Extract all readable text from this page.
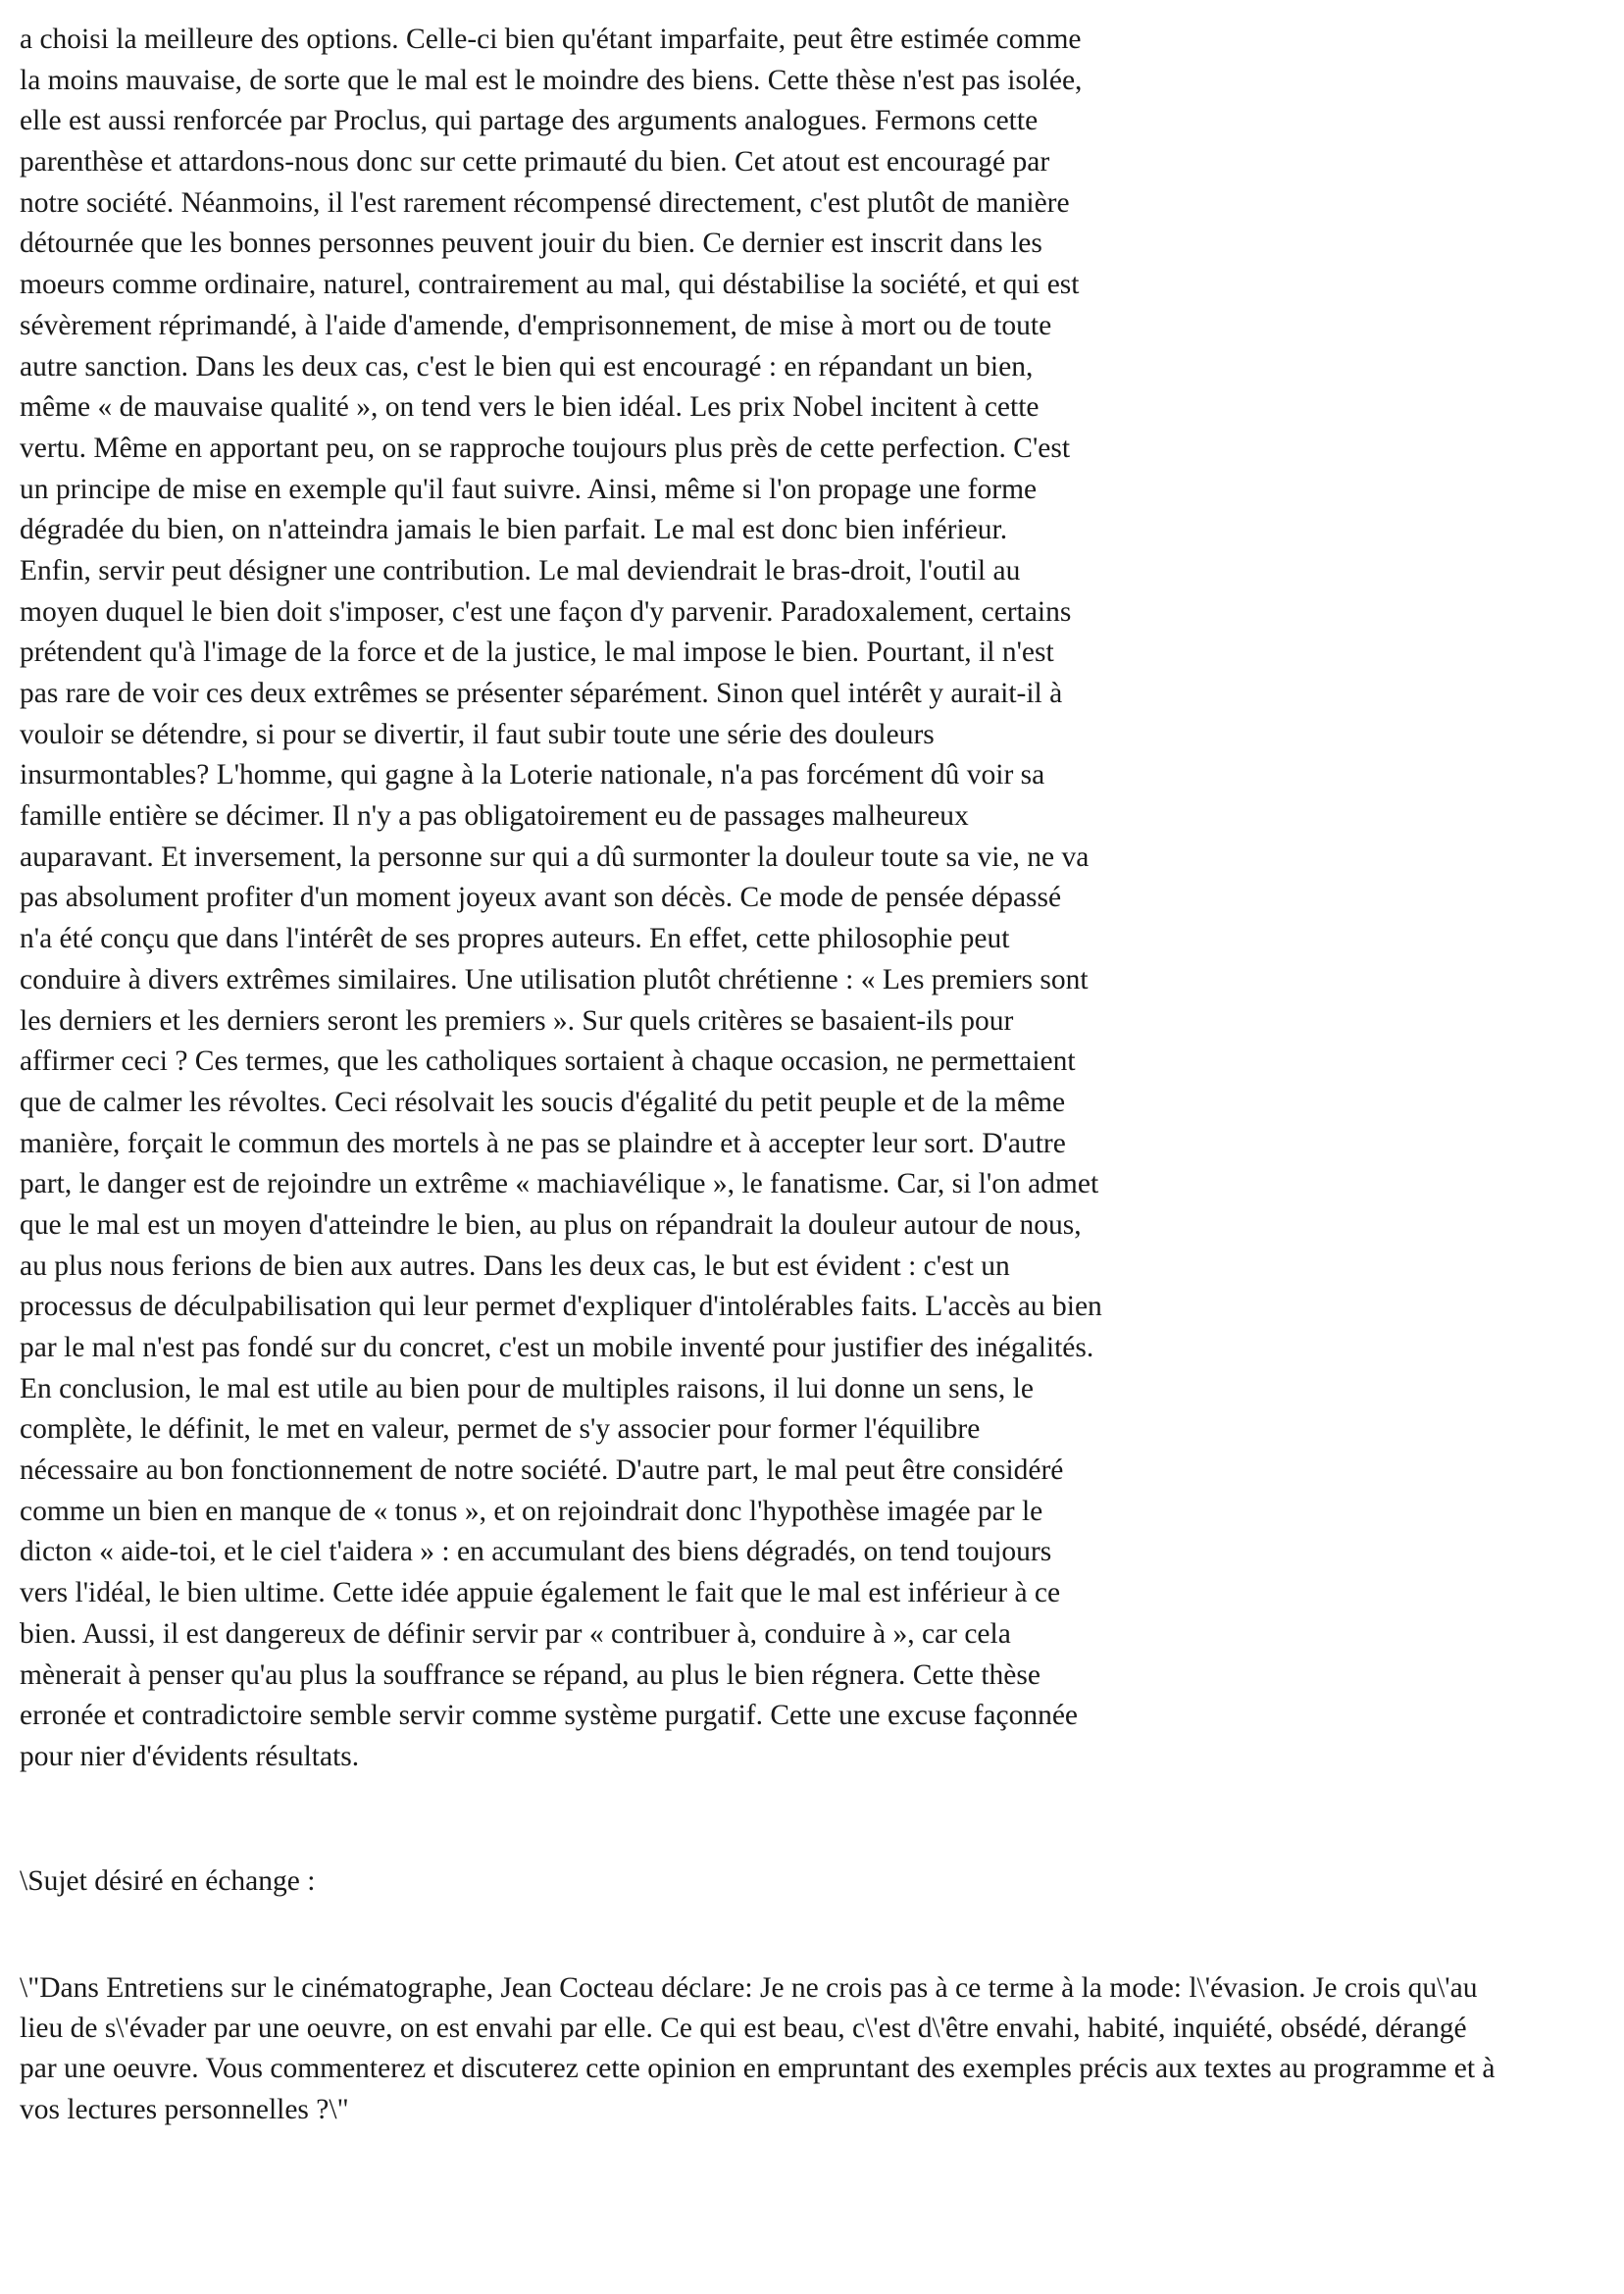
a choisi la meilleure des options. Celle-ci bien qu'étant imparfaite, peut être estimée comme
la moins mauvaise, de sorte que le mal est le moindre des biens. Cette thèse n'est pas isolée,
elle est aussi renforcée par Proclus, qui partage des arguments analogues. Fermons cette
parenthèse et attardons-nous donc sur cette primauté du bien. Cet atout est encouragé par
notre société. Néanmoins, il l'est rarement récompensé directement, c'est plutôt de manière
détournée que les bonnes personnes peuvent jouir du bien. Ce dernier est inscrit dans les
moeurs comme ordinaire, naturel, contrairement au mal, qui déstabilise la société, et qui est
sévèrement réprimandé, à l'aide d'amende, d'emprisonnement, de mise à mort ou de toute
autre sanction. Dans les deux cas, c'est le bien qui est encouragé : en répandant un bien,
même « de mauvaise qualité », on tend vers le bien idéal. Les prix Nobel incitent à cette
vertu. Même en apportant peu, on se rapproche toujours plus près de cette perfection. C'est
un principe de mise en exemple qu'il faut suivre. Ainsi, même si l'on propage une forme
dégradée du bien, on n'atteindra jamais le bien parfait. Le mal est donc bien inférieur.
Enfin, servir peut désigner une contribution. Le mal deviendrait le bras-droit, l'outil au
moyen duquel le bien doit s'imposer, c'est une façon d'y parvenir. Paradoxalement, certains
prétendent qu'à l'image de la force et de la justice, le mal impose le bien. Pourtant, il n'est
pas rare de voir ces deux extrêmes se présenter séparément. Sinon quel intérêt y aurait-il à
vouloir se détendre, si pour se divertir, il faut subir toute une série des douleurs
insurmontables? L'homme, qui gagne à la Loterie nationale, n'a pas forcément dû voir sa
famille entière se décimer. Il n'y a pas obligatoirement eu de passages malheureux
auparavant. Et inversement, la personne sur qui a dû surmonter la douleur toute sa vie, ne va
pas absolument profiter d'un moment joyeux avant son décès. Ce mode de pensée dépassé
n'a été conçu que dans l'intérêt de ses propres auteurs. En effet, cette philosophie peut
conduire à divers extrêmes similaires. Une utilisation plutôt chrétienne : « Les premiers sont
les derniers et les derniers seront les premiers ». Sur quels critères se basaient-ils pour
affirmer ceci ? Ces termes, que les catholiques sortaient à chaque occasion, ne permettaient
que de calmer les révoltes. Ceci résolvait les soucis d'égalité du petit peuple et de la même
manière, forçait le commun des mortels à ne pas se plaindre et à accepter leur sort. D'autre
part, le danger est de rejoindre un extrême « machiavélique », le fanatisme. Car, si l'on admet
que le mal est un moyen d'atteindre le bien, au plus on répandrait la douleur autour de nous,
au plus nous ferions de bien aux autres. Dans les deux cas, le but est évident : c'est un
processus de déculpabilisation qui leur permet d'expliquer d'intolérables faits. L'accès au bien
par le mal n'est pas fondé sur du concret, c'est un mobile inventé pour justifier des inégalités.
En conclusion, le mal est utile au bien pour de multiples raisons, il lui donne un sens, le
complète, le définit, le met en valeur, permet de s'y associer pour former l'équilibre
nécessaire au bon fonctionnement de notre société. D'autre part, le mal peut être considéré
comme un bien en manque de « tonus », et on rejoindrait donc l'hypothèse imagée par le
dicton « aide-toi, et le ciel t'aidera » : en accumulant des biens dégradés, on tend toujours
vers l'idéal, le bien ultime. Cette idée appuie également le fait que le mal est inférieur à ce
bien. Aussi, il est dangereux de définir servir par « contribuer à, conduire à », car cela
mènerait à penser qu'au plus la souffrance se répand, au plus le bien régnera. Cette thèse
erronée et contradictoire semble servir comme système purgatif. Cette une excuse façonnée
pour nier d'évidents résultats.

\Sujet désiré en échange :

\"Dans Entretiens sur le cinématographe, Jean Cocteau déclare: Je ne crois pas à ce terme à la mode: l\'évasion. Je crois qu\'au
lieu de s\'évader par une oeuvre, on est envahi par elle. Ce qui est beau, c\'est d\'être envahi, habité, inquiété, obsédé, dérangé
par une oeuvre. Vous commenterez et discuterez cette opinion en empruntant des exemples précis aux textes au programme et à
vos lectures personnelles ?\"
